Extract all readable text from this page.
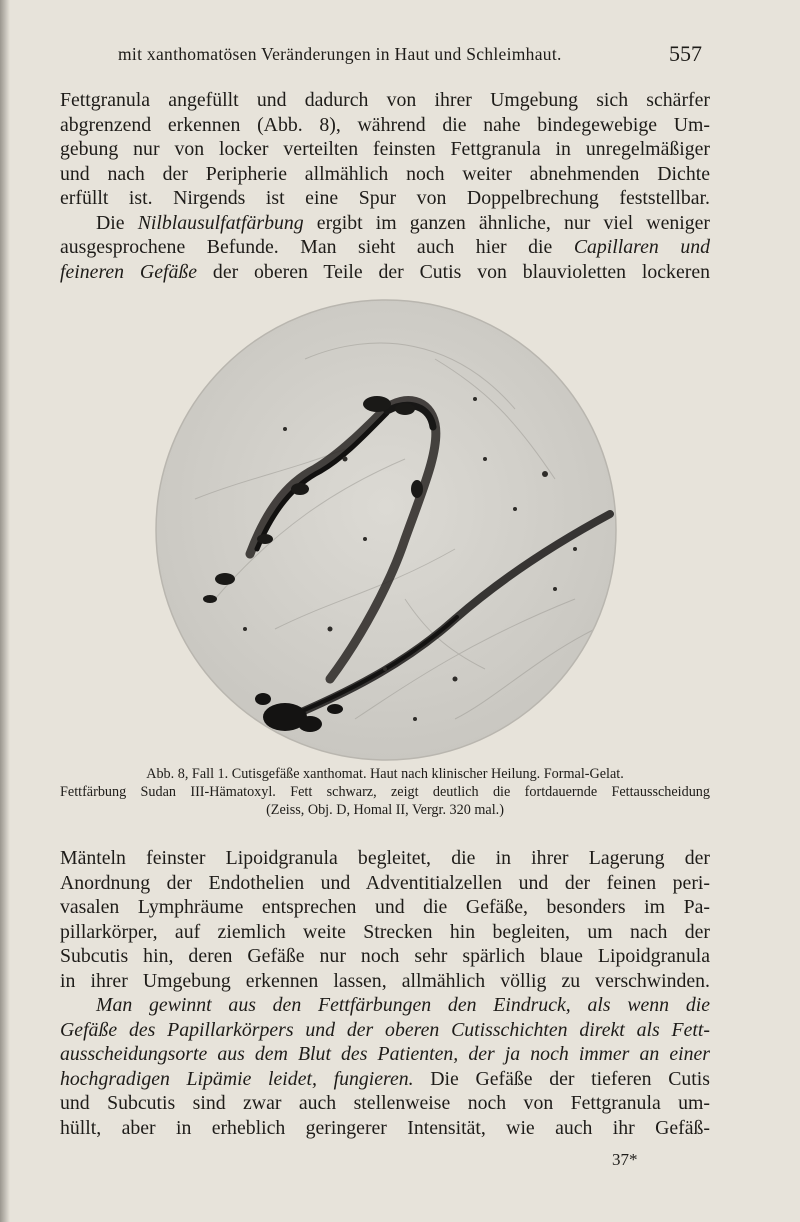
mit xanthomatösen Veränderungen in Haut und Schleimhaut.	557
Fettgranula angefüllt und dadurch von ihrer Umgebung sich schärfer
abgrenzend erkennen (Abb. 8), während die nahe bindegewebige Um-
gebung nur von locker verteilten feinsten Fettgranula in unregelmäßiger
und nach der Peripherie allmählich noch weiter abnehmenden Dichte
erfüllt ist. Nirgends ist eine Spur von Doppelbrechung feststellbar.
Die Nilblausulfatfärbung ergibt im ganzen ähnliche, nur viel weniger
ausgesprochene Befunde. Man sieht auch hier die Capillaren und
feineren Gefäße der oberen Teile der Cutis von blauvioletten lockeren
Abb. 8, Fall 1. Cutisgefäße xanthomat. Haut nach klinischer Heilung. Formal-Gelat.
Fettfärbung Sudan III-Hämatoxyl. Fett schwarz, zeigt deutlich die fortdauernde Fettausscheidung
(Zeiss, Obj. D, Homal II, Vergr. 320 mal.)
Mänteln feinster Lipoidgranula begleitet, die in ihrer Lagerung der
Anordnung der Endothelien und Adventitialzellen und der feinen peri-
vasalen Lymphräume entsprechen und die Gefäße, besonders im Pa-
pillarkörper, auf ziemlich weite Strecken hin begleiten, um nach der
Subcutis hin, deren Gefäße nur noch sehr spärlich blaue Lipoidgranula
in ihrer Umgebung erkennen lassen, allmählich völlig zu verschwinden.
Man gewinnt aus den Fettfärbungen den Eindruck, als wenn die
Gefäße des Papillarkörpers und der oberen Cutisschichten direkt als Fett-
ausscheidungsorte aus dem Blut des Patienten, der ja noch immer an einer
hochgradigen Lipämie leidet, fungieren. Die Gefäße der tieferen Cutis
und Subcutis sind zwar auch stellenweise noch von Fettgranula um-
hüllt, aber in erheblich geringerer Intensität, wie auch ihr Gefäß-
37*
